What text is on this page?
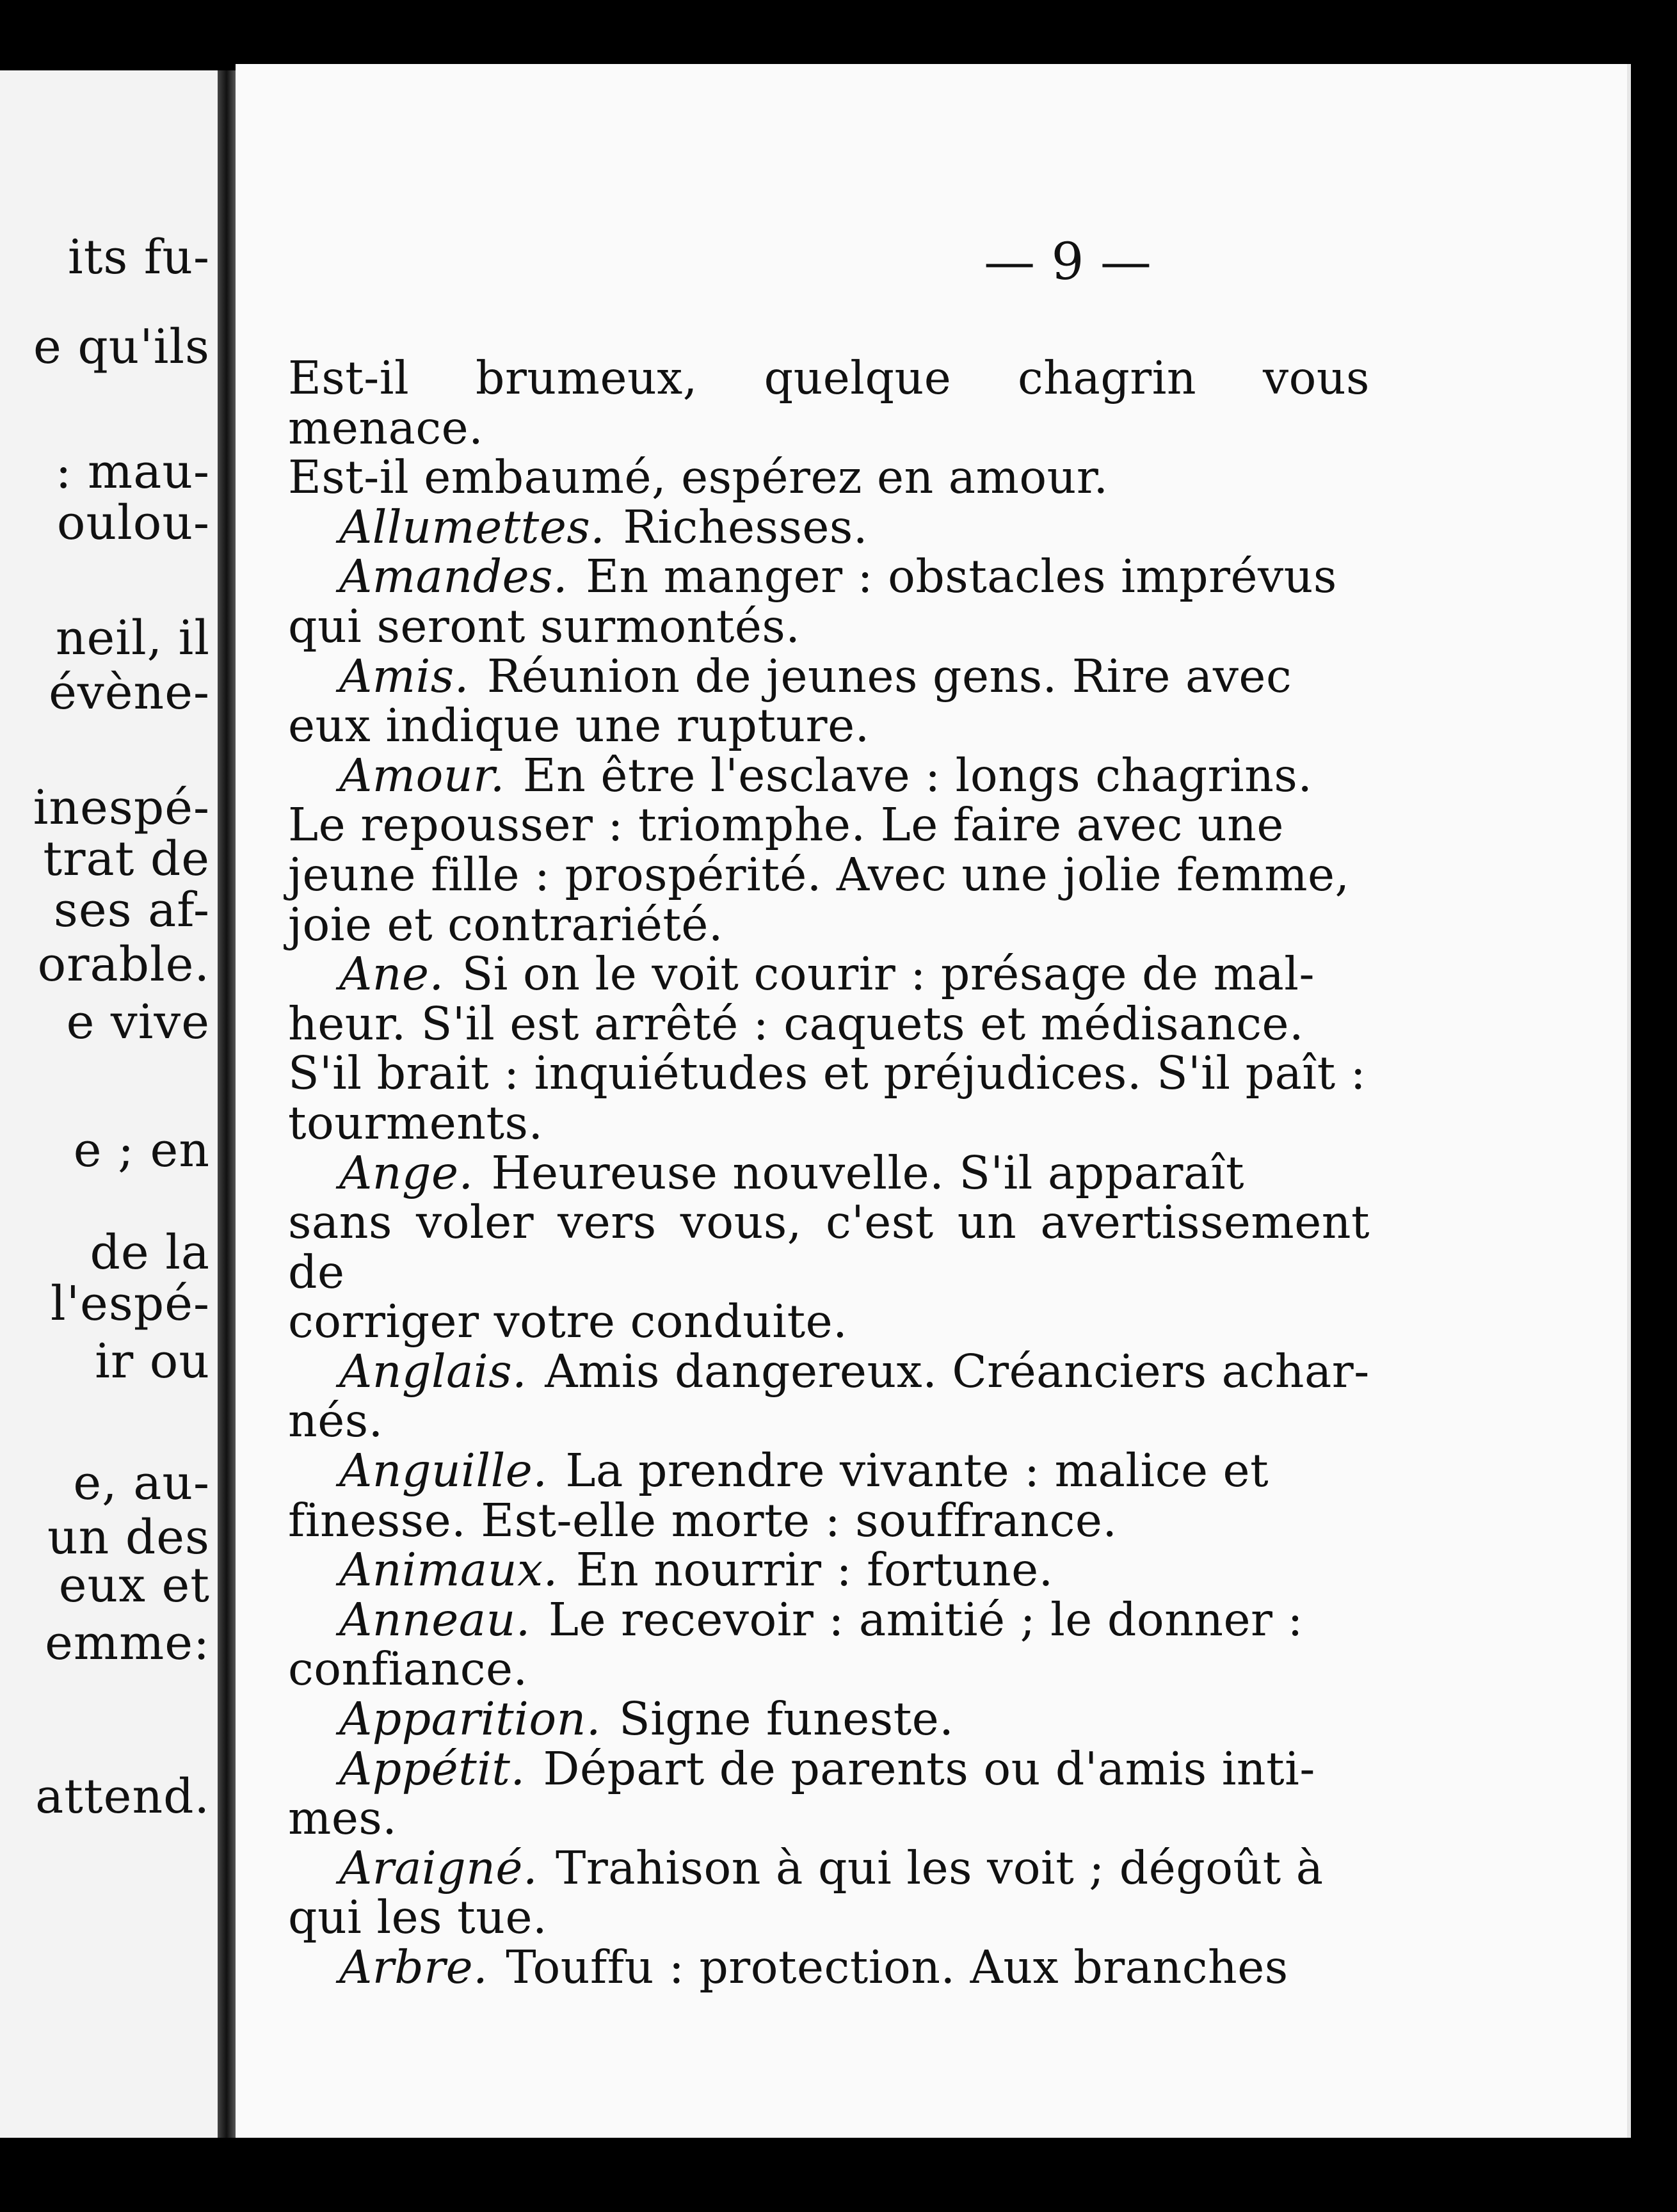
its fu-
e qu'ils
: mau-
oulou-
neil, il
évène-
inespé-
trat de
ses af-
orable.
e vive
e ; en
de la
l'espé-
ir ou
e, au-
un des
eux et
emme:
attend.
— 9 —
Est-il brumeux, quelque chagrin vous menace.
Est-il embaumé, espérez en amour.
Allumettes. Richesses.
Amandes. En manger : obstacles imprévus
qui seront surmontés.
Amis. Réunion de jeunes gens. Rire avec
eux indique une rupture.
Amour. En être l'esclave : longs chagrins.
Le repousser : triomphe. Le faire avec une
jeune fille : prospérité. Avec une jolie femme,
joie et contrariété.
Ane. Si on le voit courir : présage de mal-
heur. S'il est arrêté : caquets et médisance.
S'il brait : inquiétudes et préjudices. S'il paît :
tourments.
Ange. Heureuse nouvelle. S'il apparaît
sans voler vers vous, c'est un avertissement de
corriger votre conduite.
Anglais. Amis dangereux. Créanciers achar-
nés.
Anguille. La prendre vivante : malice et
finesse. Est-elle morte : souffrance.
Animaux. En nourrir : fortune.
Anneau. Le recevoir : amitié ; le donner :
confiance.
Apparition. Signe funeste.
Appétit. Départ de parents ou d'amis inti-
mes.
Araigné. Trahison à qui les voit ; dégoût à
qui les tue.
Arbre. Touffu : protection. Aux branches
